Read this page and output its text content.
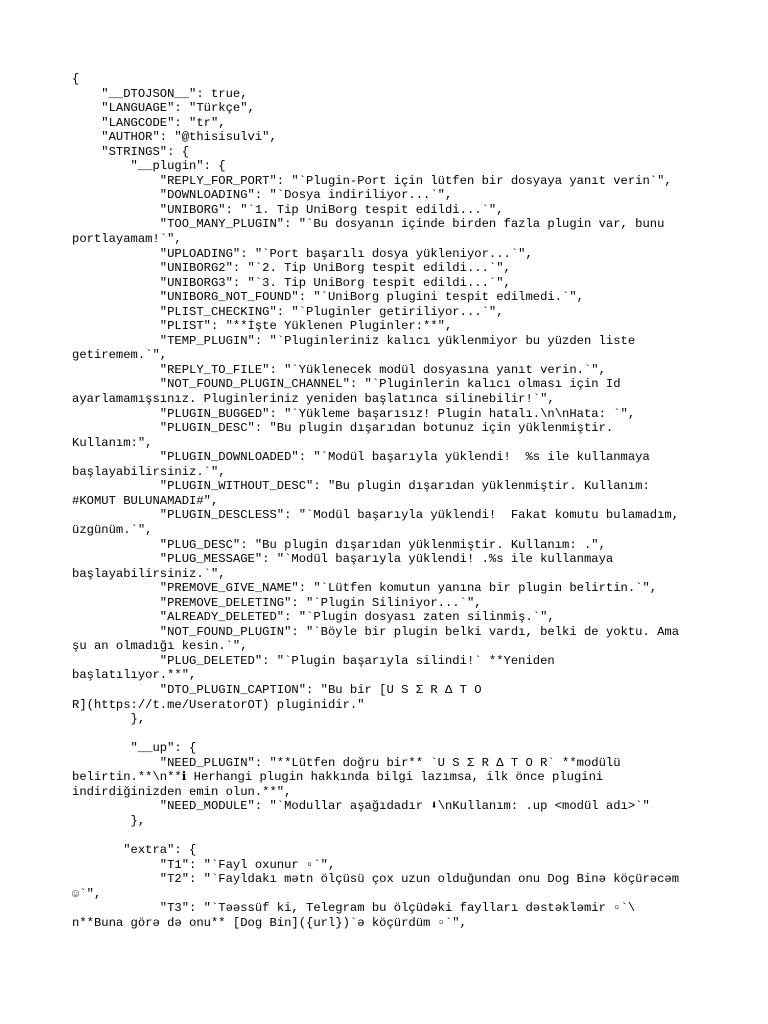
{
"__DTOJSON__": true,
"LANGUAGE": "Türkçe",
"LANGCODE": "tr",
"AUTHOR": "@thisisulvi",
"STRINGS": {
"__plugin": {
"REPLY_FOR_PORT": "`Plugin-Port için lütfen bir dosyaya yanıt verin`",
"DOWNLOADING": "`Dosya indiriliyor...`",
"UNIBORG": "`1. Tip UniBorg tespit edildi...`",
"TOO_MANY_PLUGIN": "`Bu dosyanın içinde birden fazla plugin var, bunu
portlayamam!`",
"UPLOADING": "`Port başarılı dosya yükleniyor...`",
"UNIBORG2": "`2. Tip UniBorg tespit edildi...`",
"UNIBORG3": "`3. Tip UniBorg tespit edildi...`",
"UNIBORG_NOT_FOUND": "`UniBorg plugini tespit edilmedi.`",
"PLIST_CHECKING": "`Pluginler getiriliyor...`",
"PLIST": "**İşte Yüklenen Pluginler:**",
"TEMP_PLUGIN": "`Pluginleriniz kalıcı yüklenmiyor bu yüzden liste
getiremem.`",
"REPLY_TO_FILE": "`Yüklenecek modül dosyasına yanıt verin.`",
"NOT_FOUND_PLUGIN_CHANNEL": "`Pluginlerin kalıcı olması için Id
ayarlamamışsınız. Pluginleriniz yeniden başlatınca silinebilir!`",
"PLUGIN_BUGGED": "`Yükleme başarısız! Plugin hatalı.\n\nHata: `",
"PLUGIN_DESC": "Bu plugin dışarıdan botunuz için yüklenmiştir.
Kullanım:",
"PLUGIN_DOWNLOADED": "`Modül başarıyla yüklendi!  %s ile kullanmaya
başlayabilirsiniz.`",
"PLUGIN_WITHOUT_DESC": "Bu plugin dışarıdan yüklenmiştir. Kullanım:
#KOMUT BULUNAMADI#",
"PLUGIN_DESCLESS": "`Modül başarıyla yüklendi!  Fakat komutu bulamadım,
üzgünüm.`",
"PLUG_DESC": "Bu plugin dışarıdan yüklenmiştir. Kullanım: .",
"PLUG_MESSAGE": "`Modül başarıyla yüklendi! .%s ile kullanmaya
başlayabilirsiniz.`",
"PREMOVE_GIVE_NAME": "`Lütfen komutun yanına bir plugin belirtin.`",
"PREMOVE_DELETING": "`Plugin Siliniyor...`",
"ALREADY_DELETED": "`Plugin dosyası zaten silinmiş.`",
"NOT_FOUND_PLUGIN": "`Böyle bir plugin belki vardı, belki de yoktu. Ama
şu an olmadığı kesin.`",
"PLUG_DELETED": "`Plugin başarıyla silindi!` **Yeniden
başlatılıyor.**",
"DTO_PLUGIN_CAPTION": "Bu bir [U S Σ R Δ T O
R](https://t.me/UseratorOT) pluginidir."
},
"__up": {
"NEED_PLUGIN": "**Lütfen doğru bir** `U S Σ R Δ T O R` **modülü
belirtin.**\n**ℹ Herhangi plugin hakkında bilgi lazımsa, ilk önce plugini
indirdiğinizden emin olun.**",
"NEED_MODULE": "`Modullar aşağıdadır ⬇\nKullanım: .up <modül adı>`"
},
"extra": {
"T1": "`Fayl oxunur ▫`",
"T2": "`Fayldakı mətn ölçüsü çox uzun olduğundan onu Dog Binə köçürəcəm
☺`",
"T3": "`Təəssüf ki, Telegram bu ölçüdəki faylları dəstəkləmir ▫`\
n**Buna görə də onu** [Dog Bin]({url})`ə köçürdüm ▫`",
